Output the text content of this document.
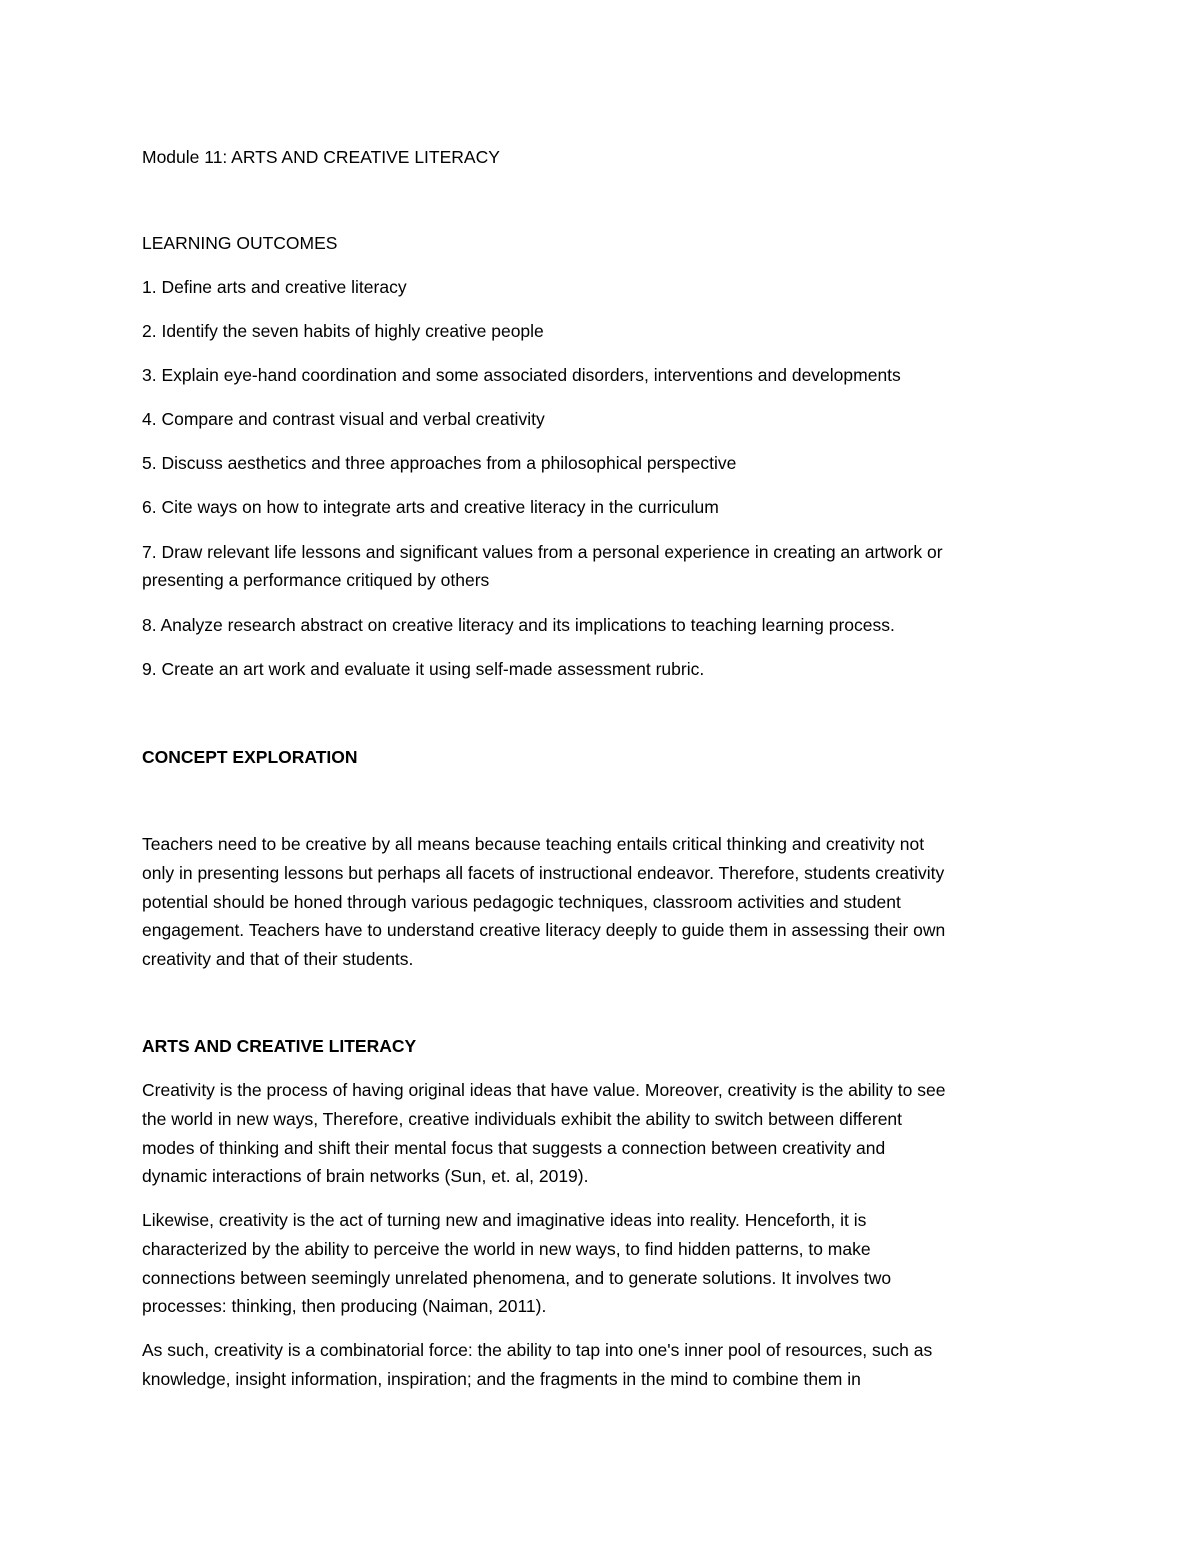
Module 11: ARTS AND CREATIVE LITERACY
LEARNING OUTCOMES
1. Define arts and creative literacy
2. Identify the seven habits of highly creative people
3. Explain eye-hand coordination and some associated disorders, interventions and developments
4. Compare and contrast visual and verbal creativity
5. Discuss aesthetics and three approaches from a philosophical perspective
6. Cite ways on how to integrate arts and creative literacy in the curriculum
7. Draw relevant life lessons and significant values from a personal experience in creating an artwork or
presenting a performance critiqued by others
8. Analyze research abstract on creative literacy and its implications to teaching learning process.
9. Create an art work and evaluate it using self-made assessment rubric.
CONCEPT EXPLORATION
Teachers need to be creative by all means because teaching entails critical thinking and creativity not
only in presenting lessons but perhaps all facets of instructional endeavor. Therefore, students creativity
potential should be honed through various pedagogic techniques, classroom activities and student
engagement. Teachers have to understand creative literacy deeply to guide them in assessing their own
creativity and that of their students.
ARTS AND CREATIVE LITERACY
Creativity is the process of having original ideas that have value. Moreover, creativity is the ability to see
the world in new ways, Therefore, creative individuals exhibit the ability to switch between different
modes of thinking and shift their mental focus that suggests a connection between creativity and
dynamic interactions of brain networks (Sun, et. al, 2019).
Likewise, creativity is the act of turning new and imaginative ideas into reality. Henceforth, it is
characterized by the ability to perceive the world in new ways, to find hidden patterns, to make
connections between seemingly unrelated phenomena, and to generate solutions. It involves two
processes: thinking, then producing (Naiman, 2011).
As such, creativity is a combinatorial force: the ability to tap into one's inner pool of resources, such as
knowledge, insight information, inspiration; and the fragments in the mind to combine them in
